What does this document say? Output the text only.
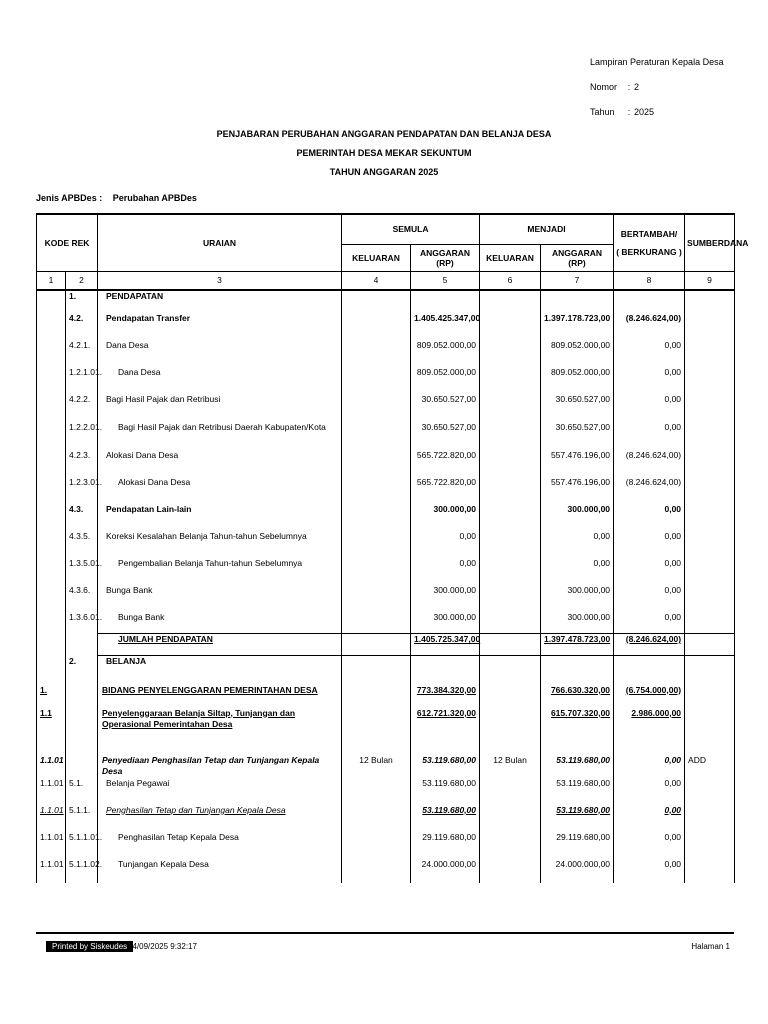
Lampiran Peraturan Kepala Desa
Nomor	: 2
Tahun	: 2025
PENJABARAN PERUBAHAN ANGGARAN PENDAPATAN DAN BELANJA DESA
PEMERINTAH DESA MEKAR SEKUNTUM
TAHUN ANGGARAN 2025
Jenis APBDes : Perubahan APBDes
KODE REK		URAIAN	SEMULA		MENJADI		BERTAMBAH/
( BERKURANG )	SUMBERDANA
			KELUARAN	ANGGARAN (RP)	KELUARAN	ANGGARAN (RP)		
1	2	3	4	5	6	7	8	9
	1.	PENDAPATAN						
	4.2.	Pendapatan Transfer		1.405.425.347,00		1.397.178.723,00	(8.246.624,00)	
	4.2.1.	Dana Desa		809.052.000,00		809.052.000,00	0,00	
	1.2.1.01.	Dana Desa		809.052.000,00		809.052.000,00	0,00	
	4.2.2.	Bagi Hasil Pajak dan Retribusi		30.650.527,00		30.650.527,00	0,00	
	1.2.2.01.	Bagi Hasil Pajak dan Retribusi Daerah Kabupaten/Kota		30.650.527,00		30.650.527,00	0,00	
	4.2.3.	Alokasi Dana Desa		565.722.820,00		557.476.196,00	(8.246.624,00)	
	1.2.3.01.	Alokasi Dana Desa		565.722.820,00		557.476.196,00	(8.246.624,00)	
	4.3.	Pendapatan Lain-lain		300.000,00		300.000,00	0,00	
	4.3.5.	Koreksi Kesalahan Belanja Tahun-tahun Sebelumnya		0,00		0,00	0,00	
	1.3.5.01.	Pengembalian Belanja Tahun-tahun Sebelumnya		0,00		0,00	0,00	
	4.3.6.	Bunga Bank		300.000,00		300.000,00	0,00	
	1.3.6.01.	Bunga Bank		300.000,00		300.000,00	0,00	
		JUMLAH PENDAPATAN		1.405.725.347,00		1.397.478.723,00	(8.246.624,00)	
	2.	BELANJA						
1.		BIDANG PENYELENGGARAN PEMERINTAHAN DESA		773.384.320,00		766.630.320,00	(6.754.000,00)	
1.1		Penyelenggaraan Belanja Siltap, Tunjangan dan Operasional Pemerintahan Desa		612.721.320,00		615.707.320,00	2.986.000,00	
1.1.01		Penyediaan Penghasilan Tetap dan Tunjangan Kepala Desa	12 Bulan	53.119.680,00	12 Bulan	53.119.680,00	0,00	ADD
1.1.01	5.1.	Belanja Pegawai		53.119.680,00		53.119.680,00	0,00	
1.1.01	5.1.1.	Penghasilan Tetap dan Tunjangan Kepala Desa		53.119.680,00		53.119.680,00	0,00	
1.1.01	5.1.1.01.	Penghasilan Tetap Kepala Desa		29.119.680,00		29.119.680,00	0,00	
1.1.01	5.1.1.02.	Tunjangan Kepala Desa		24.000.000,00		24.000.000,00	0,00	

Printed by Siskeudes 04/09/2025 9:32:17	Halaman 1
